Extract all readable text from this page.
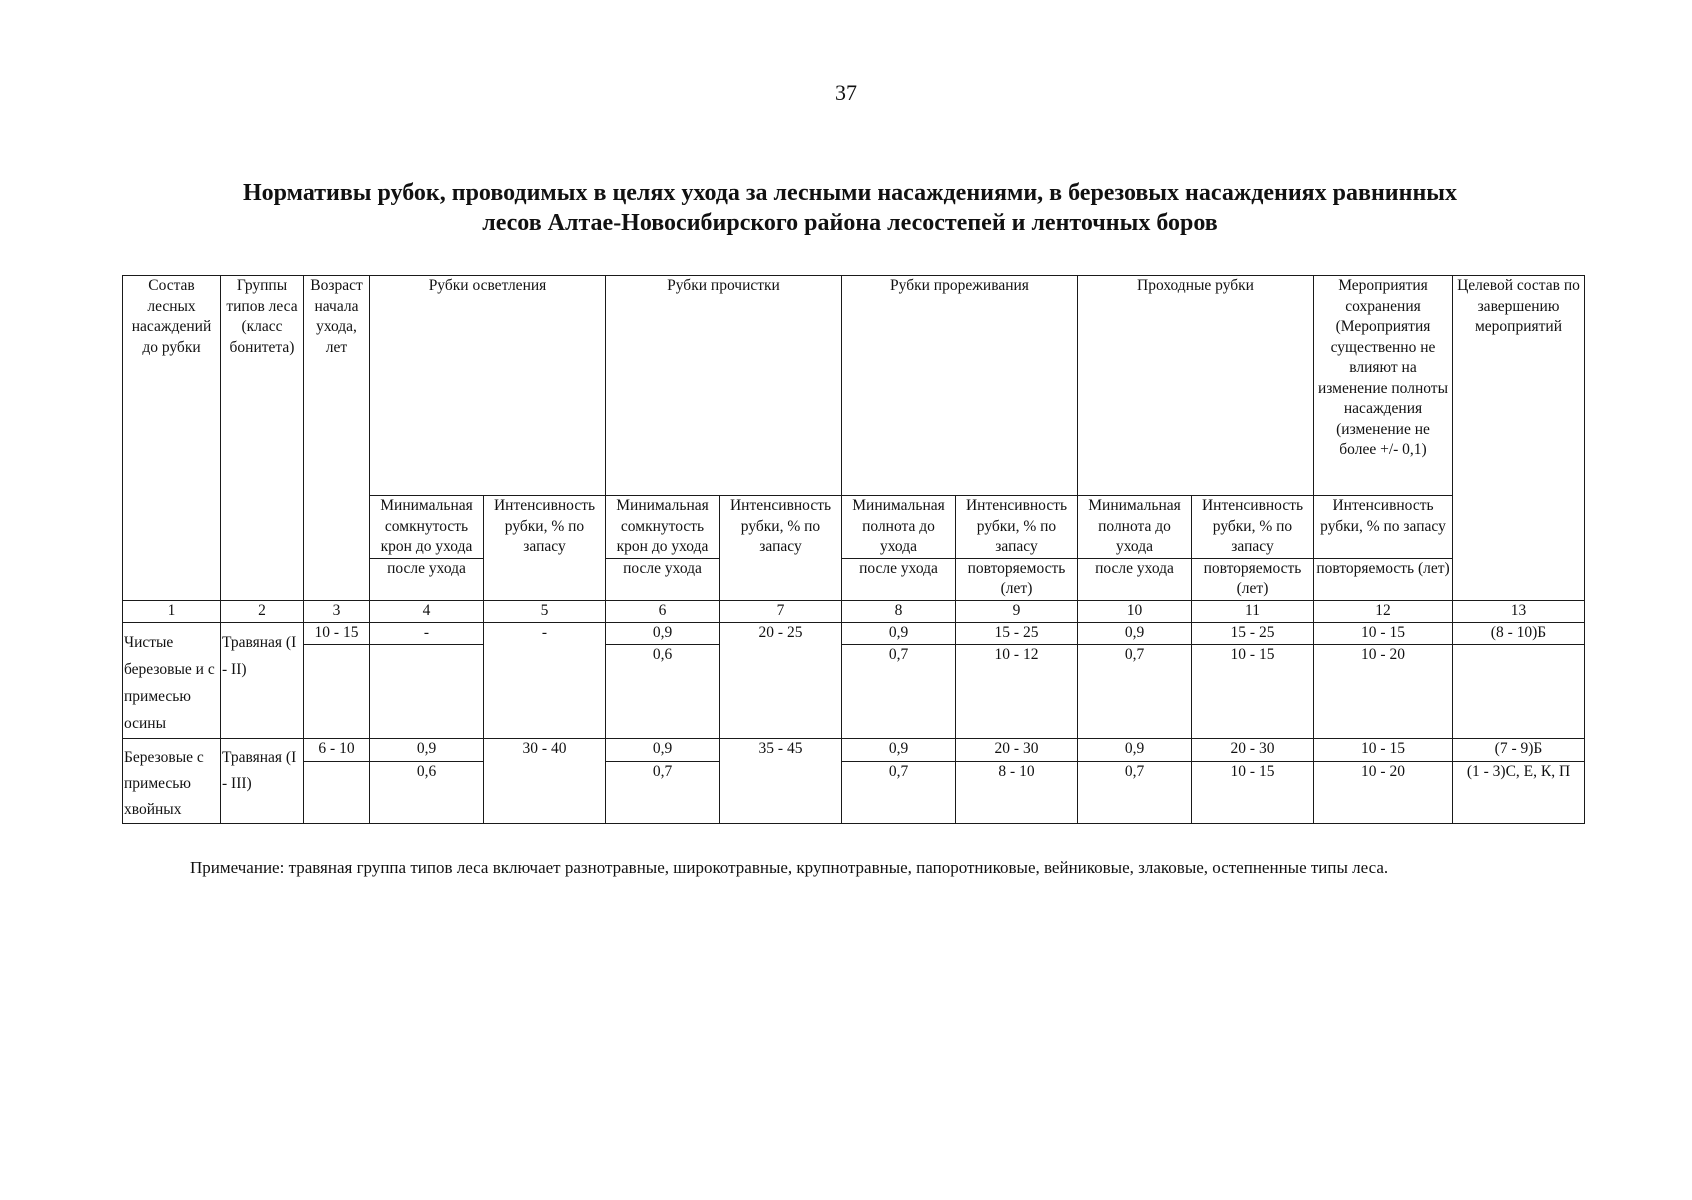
37
Нормативы рубок, проводимых в целях ухода за лесными насаждениями, в березовых насаждениях равнинных
лесов Алтае-Новосибирского района лесостепей и ленточных боров
Состав лесных насаждений до рубки	Группы типов леса (класс бонитета)	Возраст начала ухода, лет	Рубки осветления		Рубки прочистки		Рубки прореживания		Проходные рубки		Мероприятия сохранения (Мероприятия существенно не влияют на изменение полноты насаждения (изменение не более +/- 0,1)	Целевой состав по завершению мероприятий
			Минимальная сомкнутость крон до ухода	Интенсивность рубки, % по запасу	Минимальная сомкнутость крон до ухода	Интенсивность рубки, % по запасу	Минимальная полнота до ухода	Интенсивность рубки, % по запасу	Минимальная полнота до ухода	Интенсивность рубки, % по запасу	Интенсивность рубки, % по запасу	
			после ухода		после ухода		после ухода	повторяемость (лет)	после ухода	повторяемость (лет)	повторяемость (лет)	
1	2	3	4	5	6	7	8	9	10	11	12	13
Чистые березовые и с примесью осины	Травяная (I - II)	10 - 15	-	-	0,9	20 - 25	0,9	15 - 25	0,9	15 - 25	10 - 15	(8 - 10)Б
					0,6		0,7	10 - 12	0,7	10 - 15	10 - 20	
Березовые с примесью хвойных	Травяная (I - III)	6 - 10	0,9	30 - 40	0,9	35 - 45	0,9	20 - 30	0,9	20 - 30	10 - 15	(7 - 9)Б
			0,6		0,7		0,7	8 - 10	0,7	10 - 15	10 - 20	(1 - 3)С, Е, К, П
Примечание: травяная группа типов леса включает разнотравные, широкотравные, крупнотравные, папоротниковые, вейниковые, злаковые, остепненные типы леса.
